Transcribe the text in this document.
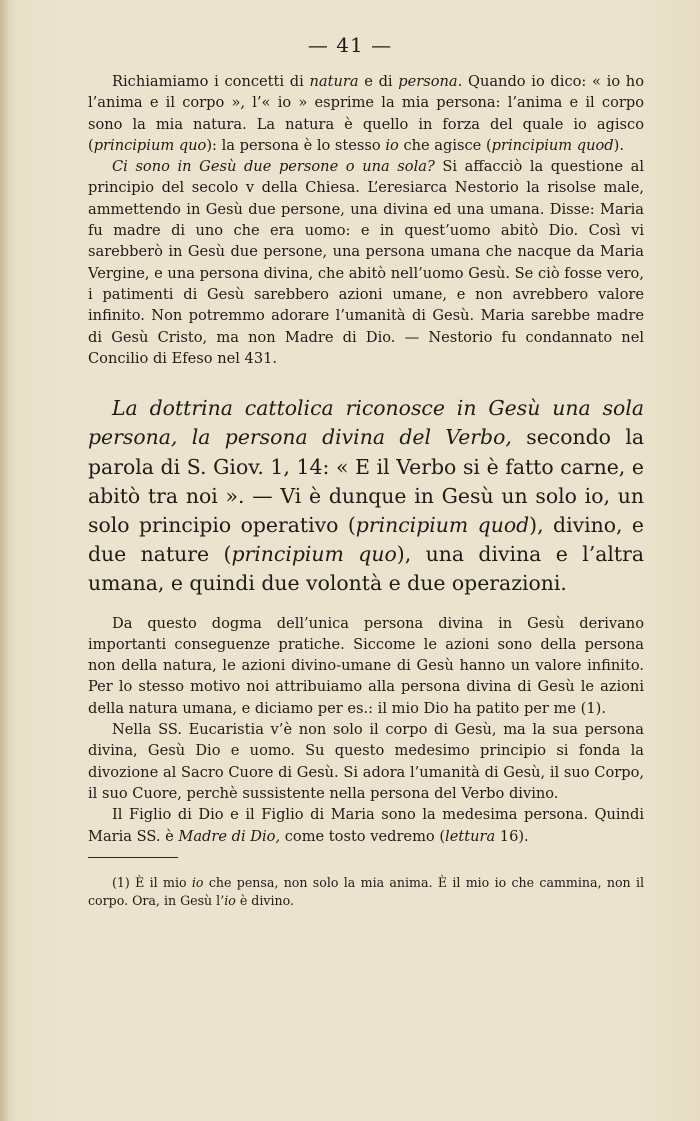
— 41 —

Richiamiamo i concetti di natura e di persona. Quando io dico: « io ho l’anima e il corpo », l’« io » esprime la mia persona: l’anima e il corpo sono la mia natura. La natura è quello in forza del quale io agisco (principium quo): la persona è lo stesso io che agisce (principium quod).

Ci sono in Gesù due persone o una sola? Si affacciò la questione al principio del secolo v della Chiesa. L’eresiarca Nestorio la risolse male, ammettendo in Gesù due persone, una divina ed una umana. Disse: Maria fu madre di uno che era uomo: e in quest’uomo abitò Dio. Così vi sarebberò in Gesù due persone, una persona umana che nacque da Maria Vergine, e una persona divina, che abitò nell’uomo Gesù. Se ciò fosse vero, i patimenti di Gesù sarebbero azioni umane, e non avrebbero valore infinito. Non potremmo adorare l’umanità di Gesù. Maria sarebbe madre di Gesù Cristo, ma non Madre di Dio. — Nestorio fu condannato nel Concilio di Efeso nel 431.

La dottrina cattolica riconosce in Gesù una sola persona, la persona divina del Verbo, secondo la parola di S. Giov. 1, 14: « E il Verbo si è fatto carne, e abitò tra noi ». — Vi è dunque in Gesù un solo io, un solo principio operativo (principium quod), divino, e due nature (principium quo), una divina e l’altra umana, e quindi due volontà e due operazioni.

Da questo dogma dell’unica persona divina in Gesù derivano importanti conseguenze pratiche. Siccome le azioni sono della persona non della natura, le azioni divino-umane di Gesù hanno un valore infinito. Per lo stesso motivo noi attribuiamo alla persona divina di Gesù le azioni della natura umana, e diciamo per es.: il mio Dio ha patito per me (1).

Nella SS. Eucaristia v’è non solo il corpo di Gesù, ma la sua persona divina, Gesù Dio e uomo. Su questo medesimo principio si fonda la divozione al Sacro Cuore di Gesù. Si adora l’umanità di Gesù, il suo Corpo, il suo Cuore, perchè sussistente nella persona del Verbo divino.

Il Figlio di Dio e il Figlio di Maria sono la medesima persona. Quindi Maria SS. è Madre di Dio, come tosto vedremo (lettura 16).

(1) È il mio io che pensa, non solo la mia anima. È il mio io che cammina, non il corpo. Ora, in Gesù l’io è divino.
